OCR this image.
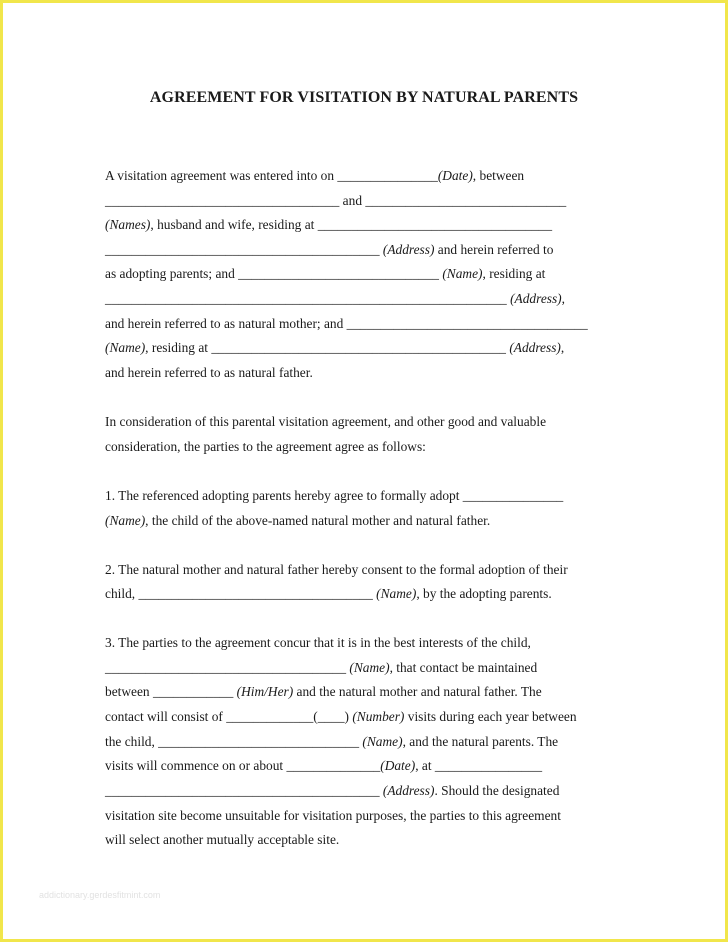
AGREEMENT FOR VISITATION BY NATURAL PARENTS
A visitation agreement was entered into on _______________(Date), between
___________________________________ and ______________________________
(Names), husband and wife, residing at ___________________________________
_________________________________________ (Address) and herein referred to
as adopting parents; and ______________________________ (Name), residing at
____________________________________________________________ (Address),
and herein referred to as natural mother; and ____________________________________
(Name), residing at ____________________________________________ (Address),
and herein referred to as natural father.
In consideration of this parental visitation agreement, and other good and valuable
consideration, the parties to the agreement agree as follows:
1. The referenced adopting parents hereby agree to formally adopt _______________
(Name), the child of the above-named natural mother and natural father.
2. The natural mother and natural father hereby consent to the formal adoption of their
child, ___________________________________ (Name), by the adopting parents.
3. The parties to the agreement concur that it is in the best interests of the child,
____________________________________ (Name), that contact be maintained
between ____________ (Him/Her) and the natural mother and natural father. The
contact will consist of _____________(____) (Number) visits during each year between
the child, ______________________________ (Name), and the natural parents. The
visits will commence on or about ______________(Date), at ________________
_________________________________________ (Address). Should the designated
visitation site become unsuitable for visitation purposes, the parties to this agreement
will select another mutually acceptable site.
addictionary.gerdesfitmint.com
